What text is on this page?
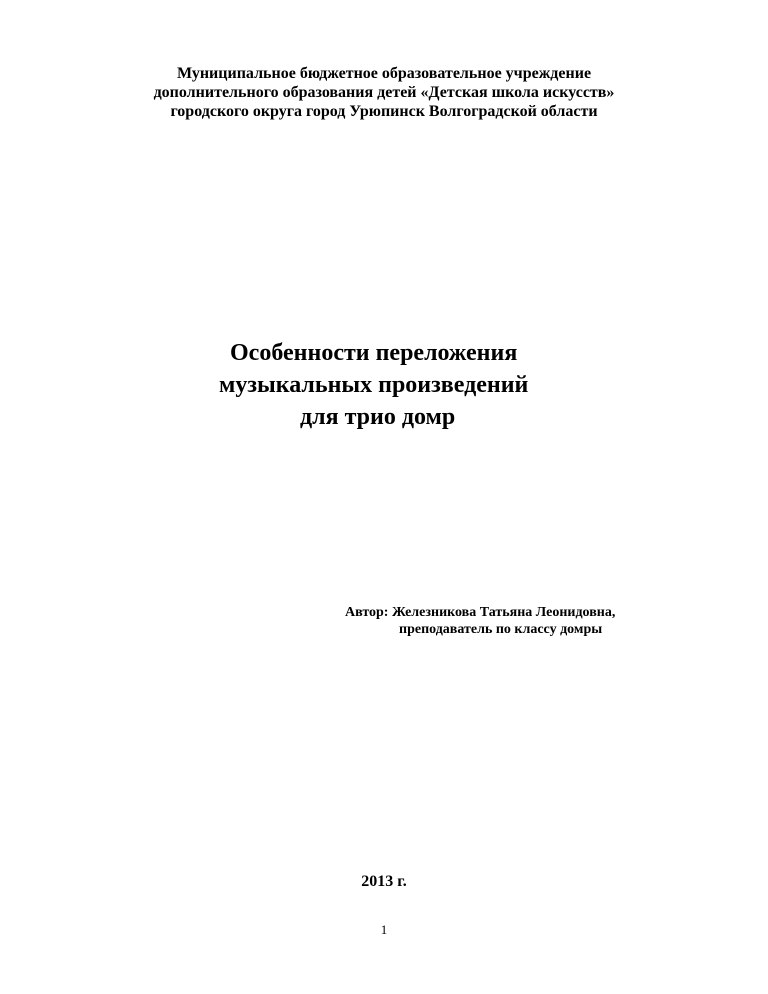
Муниципальное бюджетное образовательное учреждение
дополнительного образования детей «Детская школа искусств»
городского округа город Урюпинск Волгоградской области
Особенности переложения
музыкальных произведений
для трио домр
Автор: Железникова Татьяна Леонидовна,
преподаватель по классу домры
2013 г.
1
